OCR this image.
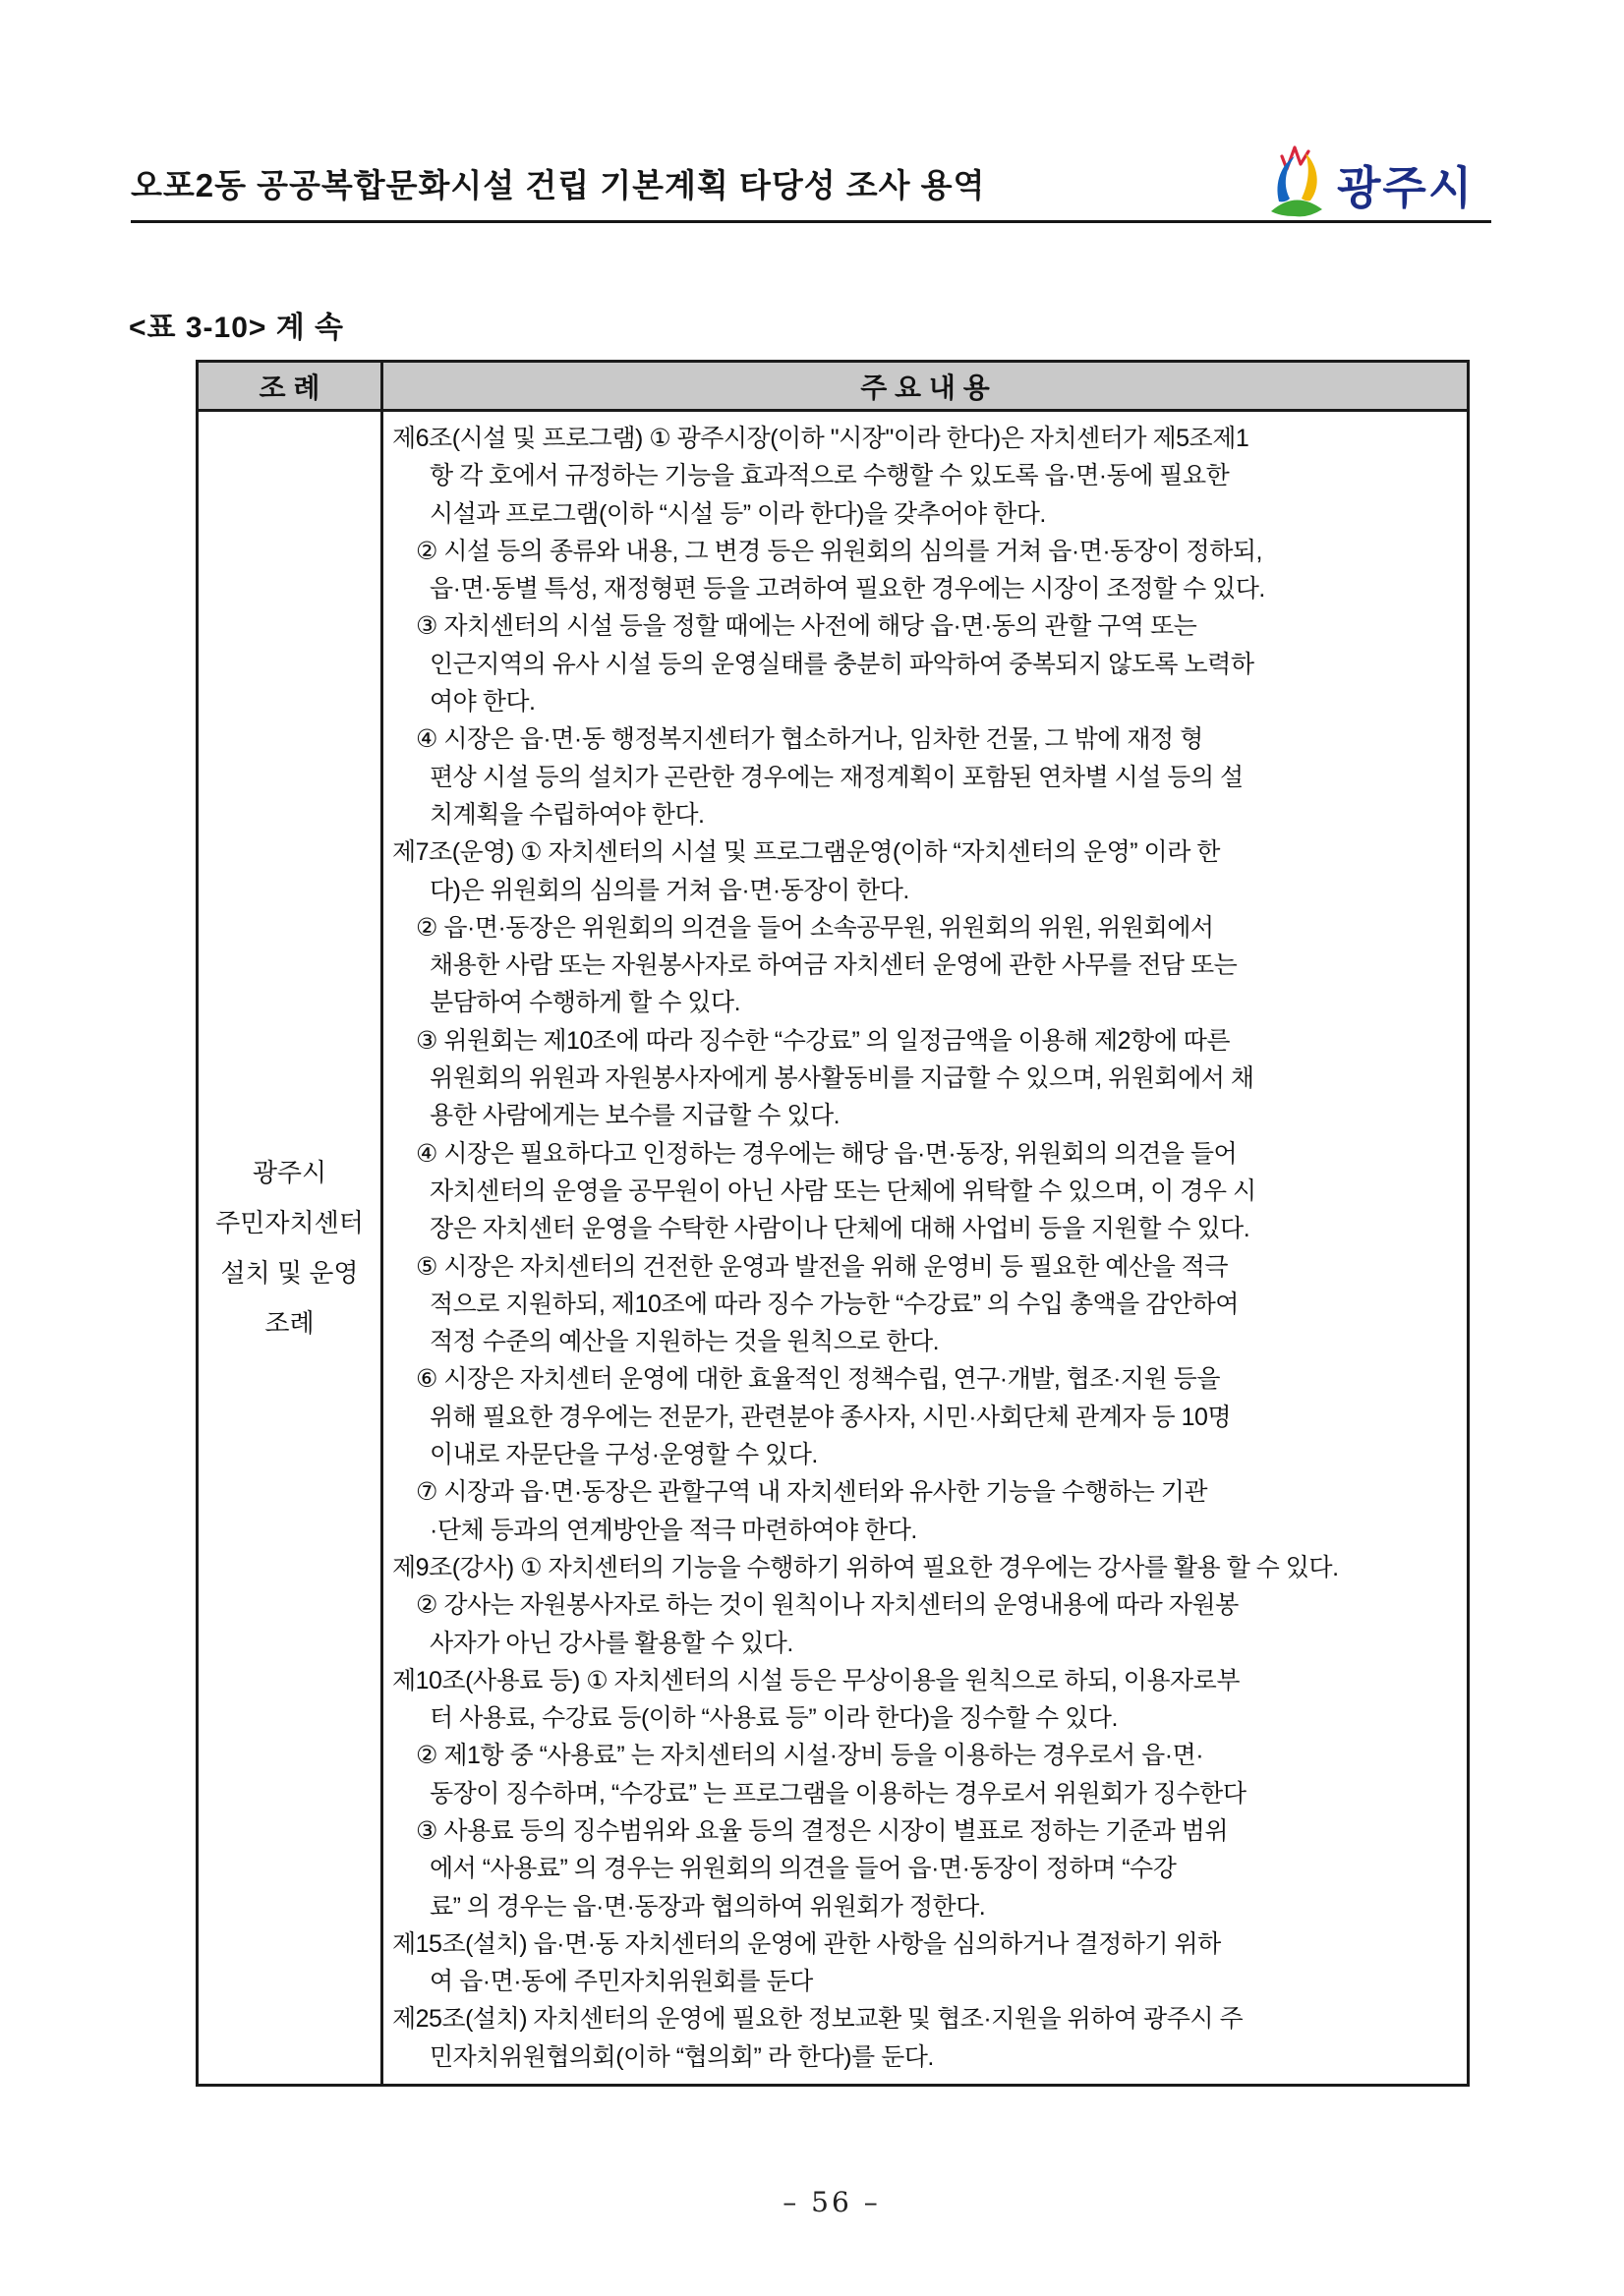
오포2동 공공복합문화시설 건립 기본계획 타당성 조사 용역	광주시
<표 3-10> 계 속
조 례	주 요 내 용
광주시
주민자치센터
설치 및 운영
조례
제6조(시설 및 프로그램) ① 광주시장(이하 "시장"이라 한다)은 자치센터가 제5조제1
항 각 호에서 규정하는 기능을 효과적으로 수행할 수 있도록 읍·면·동에 필요한
시설과 프로그램(이하 “시설 등” 이라 한다)을 갖추어야 한다.
② 시설 등의 종류와 내용, 그 변경 등은 위원회의 심의를 거쳐 읍·면·동장이 정하되,
읍·면·동별 특성, 재정형편 등을 고려하여 필요한 경우에는 시장이 조정할 수 있다.
③ 자치센터의 시설 등을 정할 때에는 사전에 해당 읍·면·동의 관할 구역 또는
인근지역의 유사 시설 등의 운영실태를 충분히 파악하여 중복되지 않도록 노력하
여야 한다.
④ 시장은 읍·면·동 행정복지센터가 협소하거나, 임차한 건물, 그 밖에 재정 형
편상 시설 등의 설치가 곤란한 경우에는 재정계획이 포함된 연차별 시설 등의 설
치계획을 수립하여야 한다.
제7조(운영) ① 자치센터의 시설 및 프로그램운영(이하 “자치센터의 운영” 이라 한
다)은 위원회의 심의를 거쳐 읍·면·동장이 한다.
② 읍·면·동장은 위원회의 의견을 들어 소속공무원, 위원회의 위원, 위원회에서
채용한 사람 또는 자원봉사자로 하여금 자치센터 운영에 관한 사무를 전담 또는
분담하여 수행하게 할 수 있다.
③ 위원회는 제10조에 따라 징수한 “수강료” 의 일정금액을 이용해 제2항에 따른
위원회의 위원과 자원봉사자에게 봉사활동비를 지급할 수 있으며, 위원회에서 채
용한 사람에게는 보수를 지급할 수 있다.
④ 시장은 필요하다고 인정하는 경우에는 해당 읍·면·동장, 위원회의 의견을 들어
자치센터의 운영을 공무원이 아닌 사람 또는 단체에 위탁할 수 있으며, 이 경우 시
장은 자치센터 운영을 수탁한 사람이나 단체에 대해 사업비 등을 지원할 수 있다.
⑤ 시장은 자치센터의 건전한 운영과 발전을 위해 운영비 등 필요한 예산을 적극
적으로 지원하되, 제10조에 따라 징수 가능한 “수강료” 의 수입 총액을 감안하여
적정 수준의 예산을 지원하는 것을 원칙으로 한다.
⑥ 시장은 자치센터 운영에 대한 효율적인 정책수립, 연구·개발, 협조·지원 등을
위해 필요한 경우에는 전문가, 관련분야 종사자, 시민·사회단체 관계자 등 10명
이내로 자문단을 구성·운영할 수 있다.
⑦ 시장과 읍·면·동장은 관할구역 내 자치센터와 유사한 기능을 수행하는 기관
·단체 등과의 연계방안을 적극 마련하여야 한다.
제9조(강사) ① 자치센터의 기능을 수행하기 위하여 필요한 경우에는 강사를 활용 할 수 있다.
② 강사는 자원봉사자로 하는 것이 원칙이나 자치센터의 운영내용에 따라 자원봉
사자가 아닌 강사를 활용할 수 있다.
제10조(사용료 등) ① 자치센터의 시설 등은 무상이용을 원칙으로 하되, 이용자로부
터 사용료, 수강료 등(이하 “사용료 등” 이라 한다)을 징수할 수 있다.
② 제1항 중 “사용료” 는 자치센터의 시설·장비 등을 이용하는 경우로서 읍·면·
동장이 징수하며, “수강료” 는 프로그램을 이용하는 경우로서 위원회가 징수한다
③ 사용료 등의 징수범위와 요율 등의 결정은 시장이 별표로 정하는 기준과 범위
에서 “사용료” 의 경우는 위원회의 의견을 들어 읍·면·동장이 정하며 “수강
료” 의 경우는 읍·면·동장과 협의하여 위원회가 정한다.
제15조(설치) 읍·면·동 자치센터의 운영에 관한 사항을 심의하거나 결정하기 위하
여 읍·면·동에 주민자치위원회를 둔다
제25조(설치) 자치센터의 운영에 필요한 정보교환 및 협조·지원을 위하여 광주시 주
민자치위원협의회(이하 “협의회” 라 한다)를 둔다.
– 56 –
